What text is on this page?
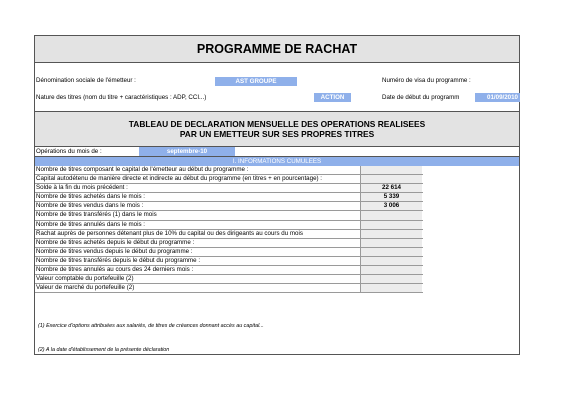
PROGRAMME DE RACHAT
Dénomination sociale de l'émetteur :	AST GROUPE	Numéro de visa du programme :
Nature des titres (nom du titre + caractéristiques : ADP, CCI...)	ACTION	Date de début du programm	01/09/2010
TABLEAU DE DECLARATION MENSUELLE DES OPERATIONS REALISEES
PAR UN EMETTEUR SUR SES PROPRES TITRES
Opérations du mois de :	septembre-10
I. INFORMATIONS CUMULEES
Nombre de titres composant le capital de l'émetteur au début du programme :
Capital autodétenu de manière directe et indirecte au début du programme (en titres + en pourcentage) :
Solde à la fin du mois précédent :	22 614
Nombre de titres achetés dans le mois :	5 339
Nombre de titres vendus dans le mois :	3 006
Nombre de titres transférés (1) dans le mois
Nombre de titres annulés dans le mois :
Rachat auprès de personnes détenant plus de 10% du capital ou des dirigeants au cours du mois
Nombre de titres achetés depuis le début du programme :
Nombre de titres vendus depuis le début du programme :
Nombre de titres transférés depuis le début du programme :
Nombre de titres annulés au cours des 24 derniers mois :
Valeur comptable du portefeuille (2)
Valeur de marché du portefeuille (2)
(1) Exercice d'options attribuées aux salariés, de titres de créances donnant accès au capital...
(2) A la date d'établissement de la présente déclaration
